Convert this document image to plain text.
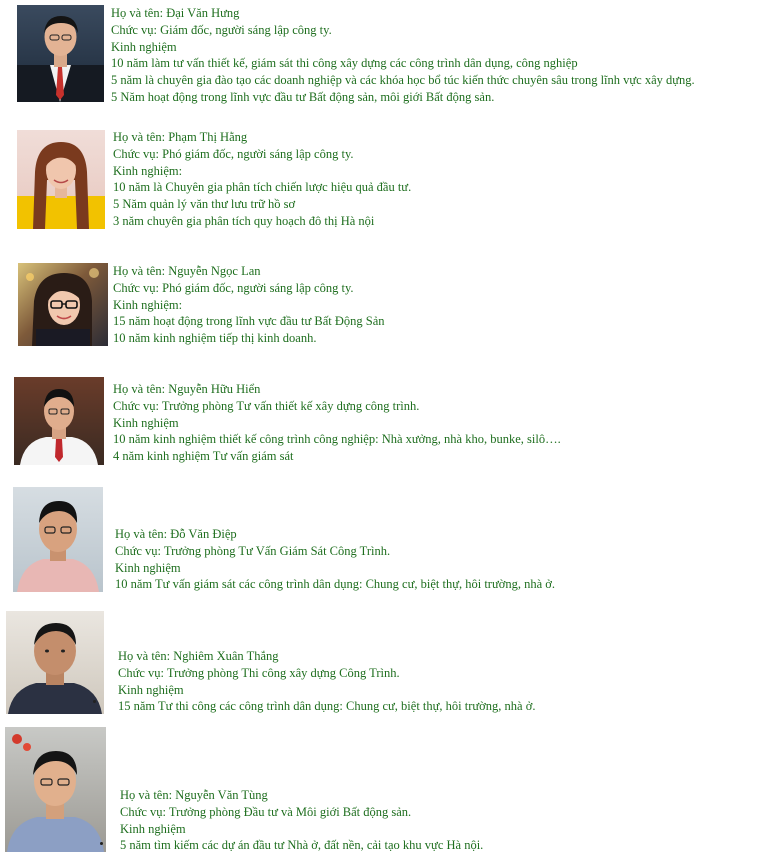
Họ và tên: Đại Văn Hưng
Chức vụ: Giám đốc, người sáng lập công ty.
Kinh nghiệm
10 năm làm tư vấn thiết kế, giám sát thi công xây dựng các công trình dân dụng, công nghiệp
5 năm là chuyên gia đào tạo các doanh nghiệp và các khóa học bổ túc kiến thức chuyên sâu trong lĩnh vực xây dựng.
5 Năm hoạt động trong lĩnh vực đầu tư Bất động sản, môi giới Bất động sản.
Họ và tên: Phạm Thị Hằng
Chức vụ: Phó giám đốc, người sáng lập công ty.
Kinh nghiệm:
10 năm là Chuyên gia phân tích chiến lược hiệu quả đầu tư.
5 Năm quản lý văn thư lưu trữ hồ sơ
3 năm chuyên gia phân tích quy hoạch đô thị Hà nội
Họ và tên: Nguyễn Ngọc Lan
Chức vụ: Phó giám đốc, người sáng lập công ty.
Kinh nghiệm:
15 năm hoạt động trong lĩnh vực đầu tư Bất Động Sản
10 năm kinh nghiệm tiếp thị kinh doanh.
Họ và tên: Nguyễn Hữu Hiển
Chức vụ: Trưởng phòng Tư vấn thiết kế xây dựng công trình.
Kinh nghiệm
10 năm kinh nghiệm thiết kế công trình công nghiệp: Nhà xưởng, nhà kho, bunke, silô….
4 năm kinh nghiệm Tư vấn giám sát
Họ và tên: Đỗ Văn Điệp
Chức vụ: Trưởng phòng Tư Vấn Giám Sát Công Trình.
Kinh nghiệm
10 năm Tư vấn giám sát các công trình dân dụng: Chung cư, biệt thự, hôi trường, nhà ở.
Họ và tên: Nghiêm Xuân Thắng
Chức vụ: Trưởng phòng Thi công xây dựng Công Trình.
Kinh nghiệm
15 năm Tư thi công các công trình dân dụng: Chung cư, biệt thự, hôi trường, nhà ở.
Họ và tên: Nguyễn Văn Tùng
Chức vụ: Trưởng phòng Đầu tư và Môi giới Bất động sản.
Kinh nghiệm
5 năm tìm kiếm các dự án đầu tư Nhà ở, đất nền, cải tạo khu vực Hà nội.
